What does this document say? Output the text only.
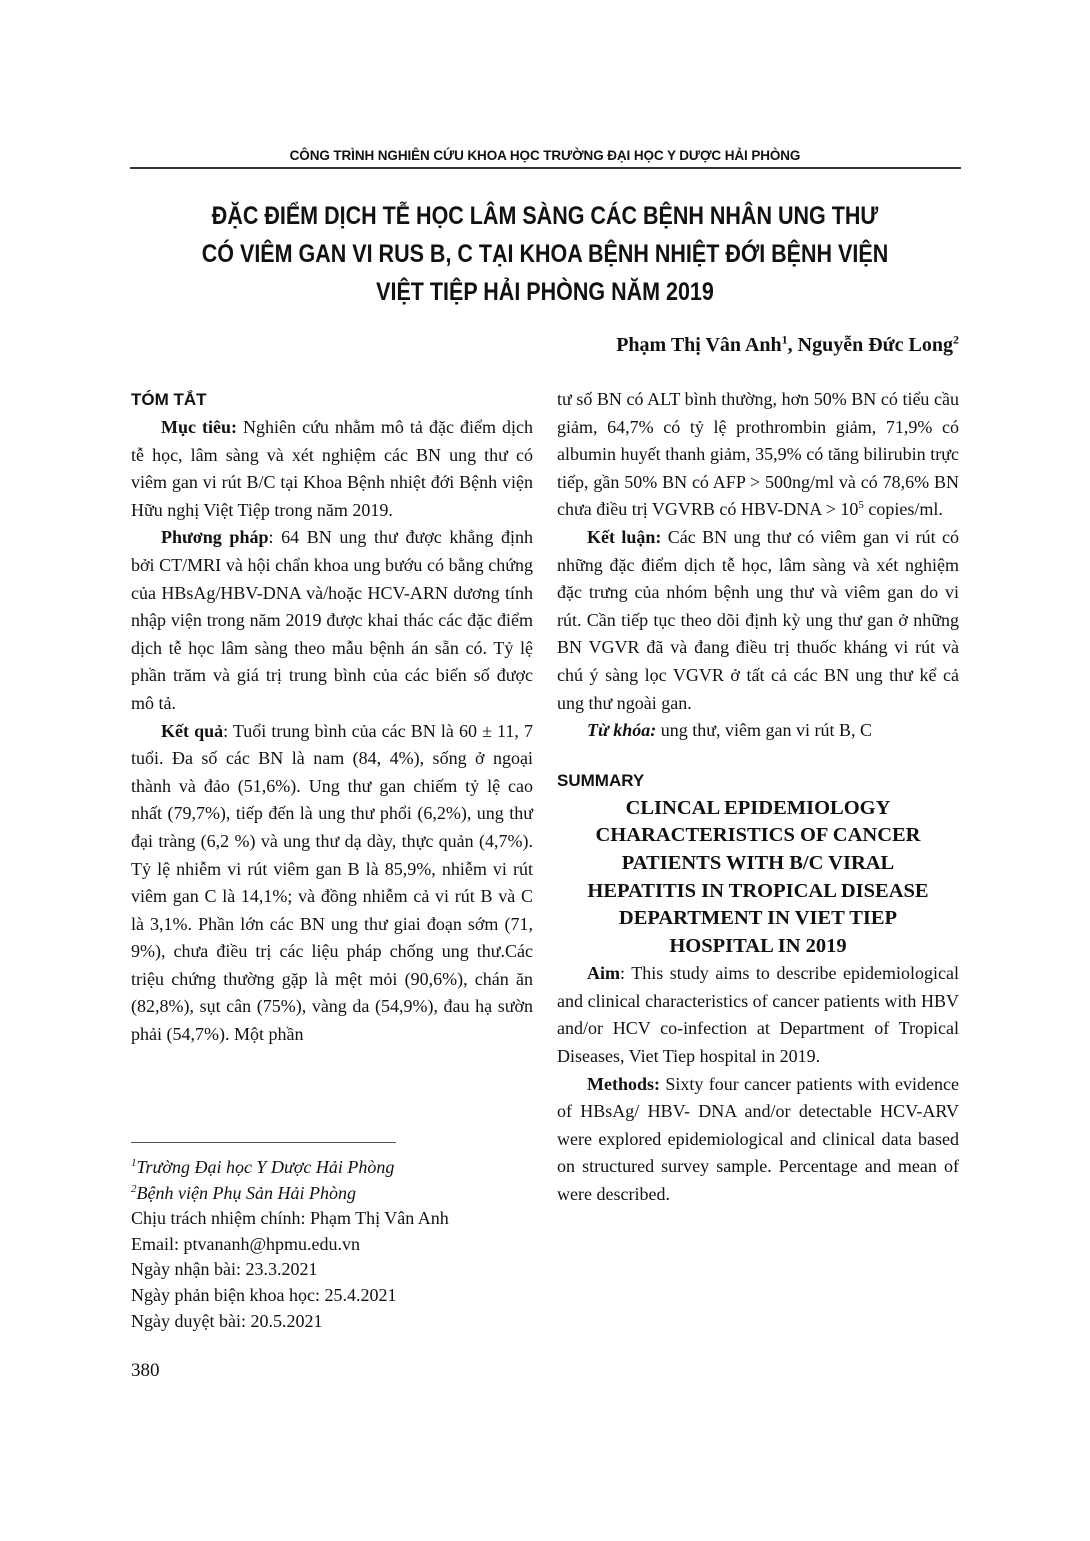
CÔNG TRÌNH NGHIÊN CỨU KHOA HỌC TRƯỜNG ĐẠI HỌC Y DƯỢC HẢI PHÒNG
ĐẶC ĐIỂM DỊCH TỄ HỌC LÂM SÀNG CÁC BỆNH NHÂN UNG THƯ
CÓ VIÊM GAN VI RUS B, C TẠI KHOA BỆNH NHIỆT ĐỚI BỆNH VIỆN
VIỆT TIỆP HẢI PHÒNG NĂM 2019
Phạm Thị Vân Anh$^1$, Nguyễn Đức Long$^2$
TÓM TẮT

Mục tiêu: Nghiên cứu nhằm mô tả đặc điểm dịch tễ học, lâm sàng và xét nghiệm các BN ung thư có viêm gan vi rút B/C tại Khoa Bệnh nhiệt đới Bệnh viện Hữu nghị Việt Tiệp trong năm 2019.

Phương pháp: 64 BN ung thư được khẳng định bởi CT/MRI và hội chẩn khoa ung bướu có bằng chứng của HBsAg/HBV-DNA và/hoặc HCV-ARN dương tính nhập viện trong năm 2019 được khai thác các đặc điểm dịch tễ học lâm sàng theo mẫu bệnh án sẵn có. Tỷ lệ phần trăm và giá trị trung bình của các biến số được mô tả.

Kết quả: Tuổi trung bình của các BN là 60 ± 11, 7 tuổi. Đa số các BN là nam (84, 4%), sống ở ngoại thành và đảo (51,6%). Ung thư gan chiếm tỷ lệ cao nhất (79,7%), tiếp đến là ung thư phổi (6,2%), ung thư đại tràng (6,2 %) và ung thư dạ dày, thực quản (4,7%). Tỷ lệ nhiễm vi rút viêm gan B là 85,9%, nhiễm vi rút viêm gan C là 14,1%; và đồng nhiễm cả vi rút B và C là 3,1%. Phần lớn các BN ung thư giai đoạn sớm (71, 9%), chưa điều trị các liệu pháp chống ung thư.Các triệu chứng thường gặp là mệt mỏi (90,6%), chán ăn (82,8%), sụt cân (75%), vàng da (54,9%), đau hạ sườn phải (54,7%). Một phần

tư số BN có ALT bình thường, hơn 50% BN có tiểu cầu giảm, 64,7% có tỷ lệ prothrombin giảm, 71,9% có albumin huyết thanh giảm, 35,9% có tăng bilirubin trực tiếp, gần 50% BN có AFP > 500ng/ml và có 78,6% BN chưa điều trị VGVRB có $HBV-DNA > 10^5$ copies/ml.

Kết luận: Các BN ung thư có viêm gan vi rút có những đặc điểm dịch tễ học, lâm sàng và xét nghiệm đặc trưng của nhóm bệnh ung thư và viêm gan do vi rút. Cần tiếp tục theo dõi định kỳ ung thư gan ở những BN VGVR đã và đang điều trị thuốc kháng vi rút và chú ý sàng lọc VGVR ở tất cả các BN ung thư kể cả ung thư ngoài gan.

Từ khóa: ung thư, viêm gan vi rút B, C

SUMMARY

CLINCAL EPIDEMIOLOGY CHARACTERISTICS OF CANCER PATIENTS WITH B/C VIRAL HEPATITIS IN TROPICAL DISEASE DEPARTMENT IN VIET TIEP HOSPITAL IN 2019

Aim: This study aims to describe epidemiological and clinical characteristics of cancer patients with HBV and/or HCV co-infection at Department of Tropical Diseases, Viet Tiep hospital in 2019.

Methods: Sixty four cancer patients with evidence of HBsAg/ HBV- DNA and/or detectable HCV-ARV were explored epidemiological and clinical data based on structured survey sample. Percentage and mean of were described.

$^1$Trường Đại học Y Dược Hải Phòng
$^2$Bệnh viện Phụ Sản Hải Phòng
Chịu trách nhiệm chính: Phạm Thị Vân Anh
Email: ptvananh@hpmu.edu.vn
Ngày nhận bài: 23.3.2021
Ngày phản biện khoa học: 25.4.2021
Ngày duyệt bài: 20.5.2021
380
